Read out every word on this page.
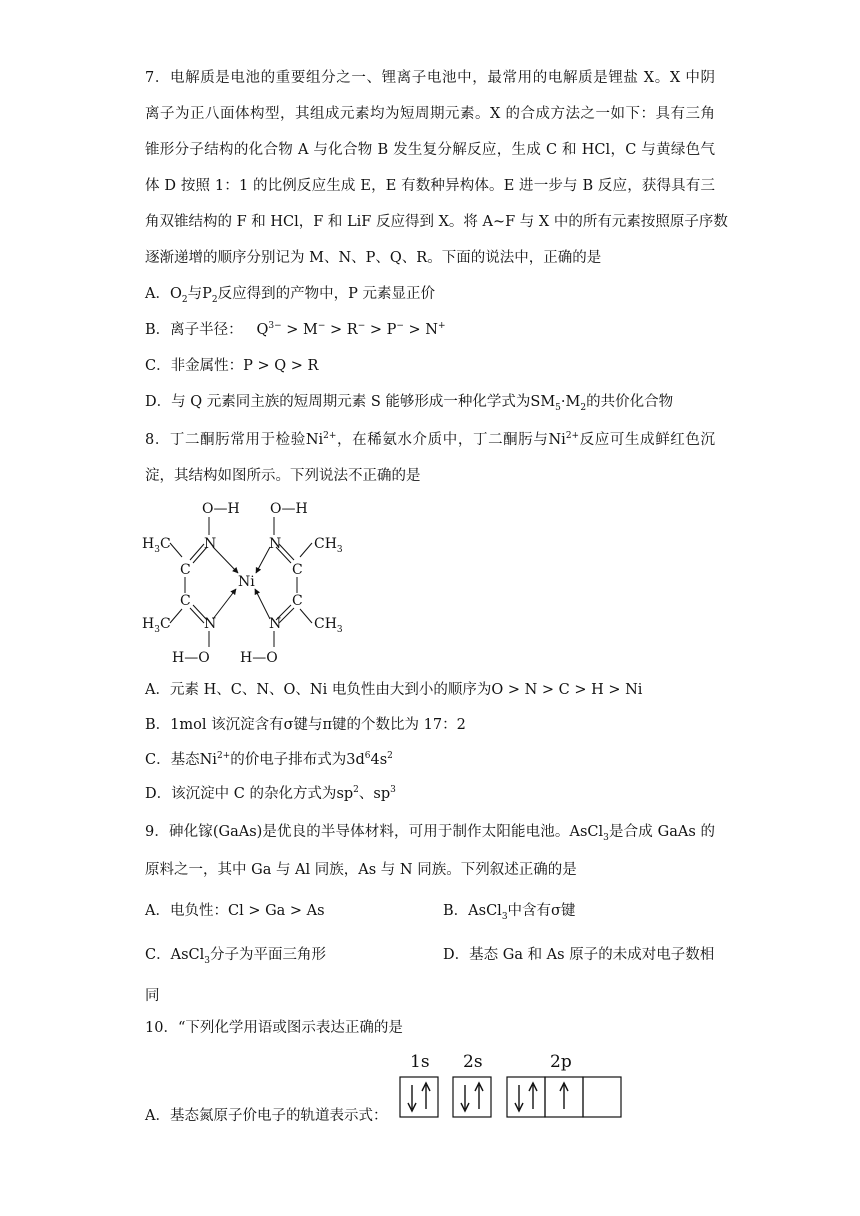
7．电解质是电池的重要组分之一、锂离子电池中，最常用的电解质是锂盐 X。X 中阴
离子为正八面体构型，其组成元素均为短周期元素。X 的合成方法之一如下：具有三角
锥形分子结构的化合物 A 与化合物 B 发生复分解反应，生成 C 和 HCl，C 与黄绿色气
体 D 按照 1：1 的比例反应生成 E，E 有数种异构体。E 进一步与 B 反应，获得具有三
角双锥结构的 F 和 HCl，F 和 LiF 反应得到 X。将 A~F 与 X 中的所有元素按照原子序数
逐渐递增的顺序分别记为 M、N、P、Q、R。下面的说法中，正确的是
A．$O_2$与$P_2$反应得到的产物中，P 元素显正价
B．离子半径：   $Q^{3-} > M^- > R^- > P^- > N^+$
C．非金属性：P > Q > R
D．与 Q 元素同主族的短周期元素 S 能够形成一种化学式为$SM_5\cdot M_2$的共价化合物
8．丁二酮肟常用于检验$Ni^{2+}$，在稀氨水介质中，丁二酮肟与$Ni^{2+}$反应可生成鲜红色沉
淀，其结构如图所示。下列说法不正确的是
O—H O—H
$H_3C$	$CH_3$
$H_3C$	$CH_3$
N	N
N	N
C
C
C
C
Ni
H—O H—O
A．元素 H、C、N、O、Ni 电负性由大到小的顺序为O > N > C > H > Ni
B．1mol 该沉淀含有σ键与π键的个数比为 17：2
C．基态$Ni^{2+}$的价电子排布式为$3d^64s^2$
D．该沉淀中 C 的杂化方式为$sp^2$、$sp^3$
9．砷化镓(GaAs)是优良的半导体材料，可用于制作太阳能电池。AsCl$_3$是合成 GaAs 的
原料之一，其中 Ga 与 Al 同族，As 与 N 同族。下列叙述正确的是
A．电负性：Cl > Ga > As	B．AsCl$_3$中含有σ键
C．AsCl$_3$分子为平面三角形	D．基态 Ga 和 As 原子的未成对电子数相
同
10．“下列化学用语或图示表达正确的是
A．基态氮原子价电子的轨道表示式：
1s 2s	2p
